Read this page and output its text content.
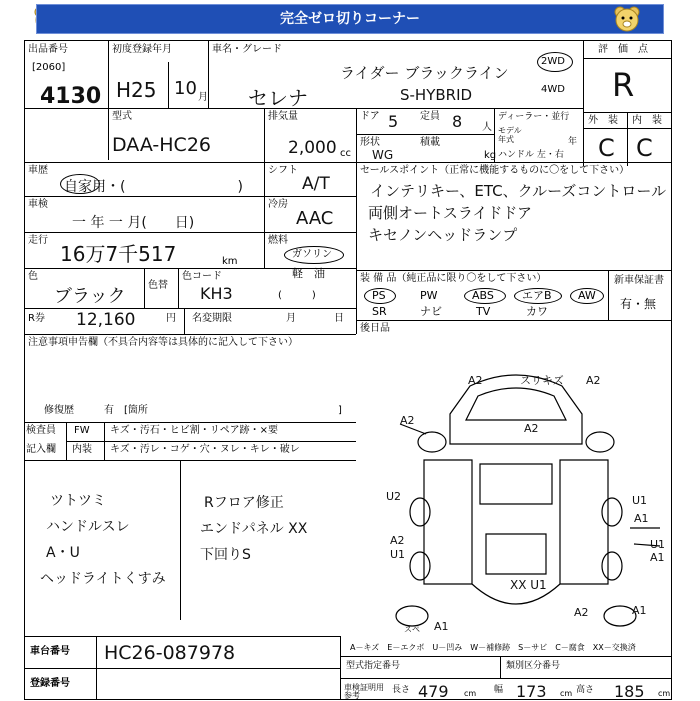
完全ゼロ切りコーナー
出品番号
[2060]
4130
初度登録年月
H25 10 月
車名・グレード
セレナ
ライダー ブラックライン
S-HYBRID
2WD
4WD
評　価　点
R
外　装 内　装
C C
型式
DAA-HC26
排気量
2,000 cc
ドア 5 定員 8 人
形状
WG
積載
kg
ディーラー・並行
モデル年式	年
ハンドル 左・右
車歴
自家用・(　　　　　　　　)
シフト
A/T
車検
一 年 一 月(　　日)
冷房
AAC
走行
16万7千517	km
燃料
ガソリン
軽　油
(　　　)
色
ブラック
色替
色コード
KH3
R券 12,160	円 名変期限	月	日
セールスポイント（正常に機能するものに〇をして下さい）
インテリキー、ETC、クルーズコントロール
両側オートスライドドア
キセノンヘッドランプ
装 備 品（純正品に限り〇をして下さい）	新車保証書
有・無
PS	PW	ABS	エアB AW
SR	ナビ	TV	カワ
後日品
注意事項申告欄（不具合内容等は具体的に記入して下さい）
修復歴	有　[箇所	]
検査員
記入欄
FW キズ・汚石・ヒビ割・リペア跡・×要
内装 キズ・汚レ・コゲ・穴・ヌレ・キレ・破レ
ツトツミ
ハンドルスレ
A・U
ヘッドライトくすみ
Rフロア修正
エンドパネル XX
下回りS
A2	スリキズ A2
A2
A2
U2
A2
U1
U1
A1
XX U1
A1
スペ
A1
U1 A1
A2
車台番号 HC26-087978
登録番号
A－キズ　E－エクボ　U－凹み　W－補修跡　S－サビ　C－腐食　XX－交換済
型式指定番号	類別区分番号
車検証明用参考
長さ 479 cm 幅 173 cm 高さ 185 cm
